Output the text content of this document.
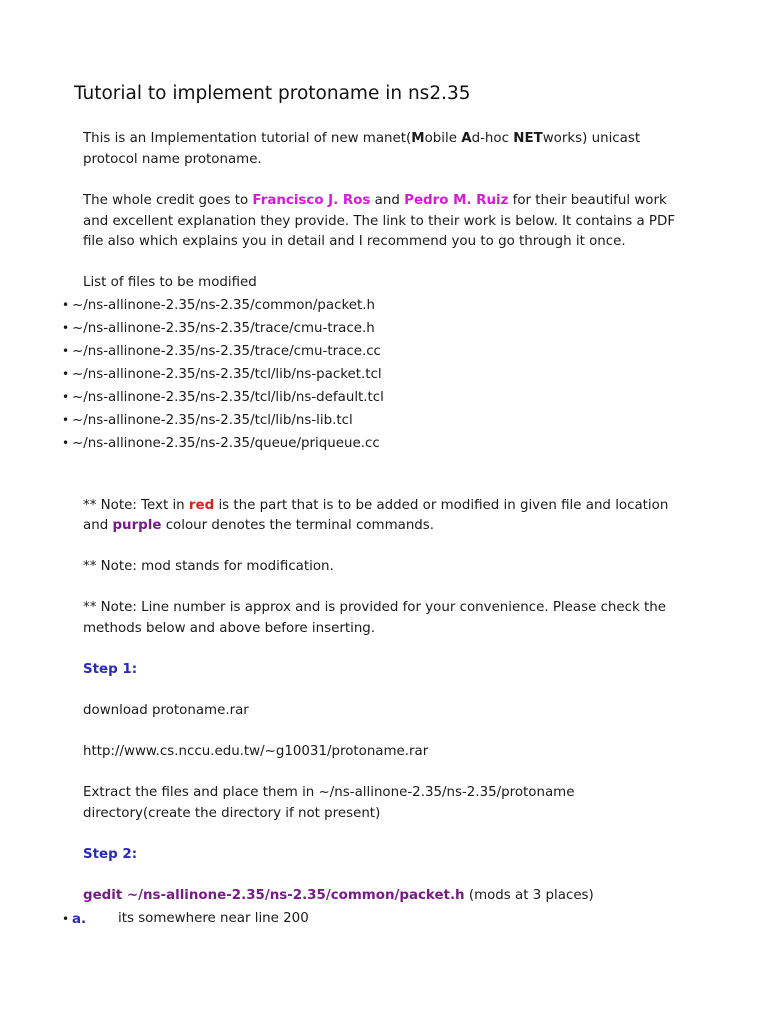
Tutorial to implement protoname in ns2.35
This is an Implementation tutorial of new manet(Mobile Ad-hoc NETworks) unicast
protocol name protoname.
The whole credit goes to Francisco J. Ros and Pedro M. Ruiz for their beautiful work
and excellent explanation they provide. The link to their work is below. It contains a PDF
file also which explains you in detail and I recommend you to go through it once.
List of files to be modified
• ~/ns-allinone-2.35/ns-2.35/common/packet.h
• ~/ns-allinone-2.35/ns-2.35/trace/cmu-trace.h
• ~/ns-allinone-2.35/ns-2.35/trace/cmu-trace.cc
• ~/ns-allinone-2.35/ns-2.35/tcl/lib/ns-packet.tcl
• ~/ns-allinone-2.35/ns-2.35/tcl/lib/ns-default.tcl
• ~/ns-allinone-2.35/ns-2.35/tcl/lib/ns-lib.tcl
• ~/ns-allinone-2.35/ns-2.35/queue/priqueue.cc
** Note: Text in red is the part that is to be added or modified in given file and location
and purple colour denotes the terminal commands.
** Note: mod stands for modification.
** Note: Line number is approx and is provided for your convenience. Please check the
methods below and above before inserting.
Step 1:
download protoname.rar
http://www.cs.nccu.edu.tw/~g10031/protoname.rar
Extract the files and place them in ~/ns-allinone-2.35/ns-2.35/protoname
directory(create the directory if not present)
Step 2:
gedit ~/ns-allinone-2.35/ns-2.35/common/packet.h (mods at 3 places)
• a. its somewhere near line 200
